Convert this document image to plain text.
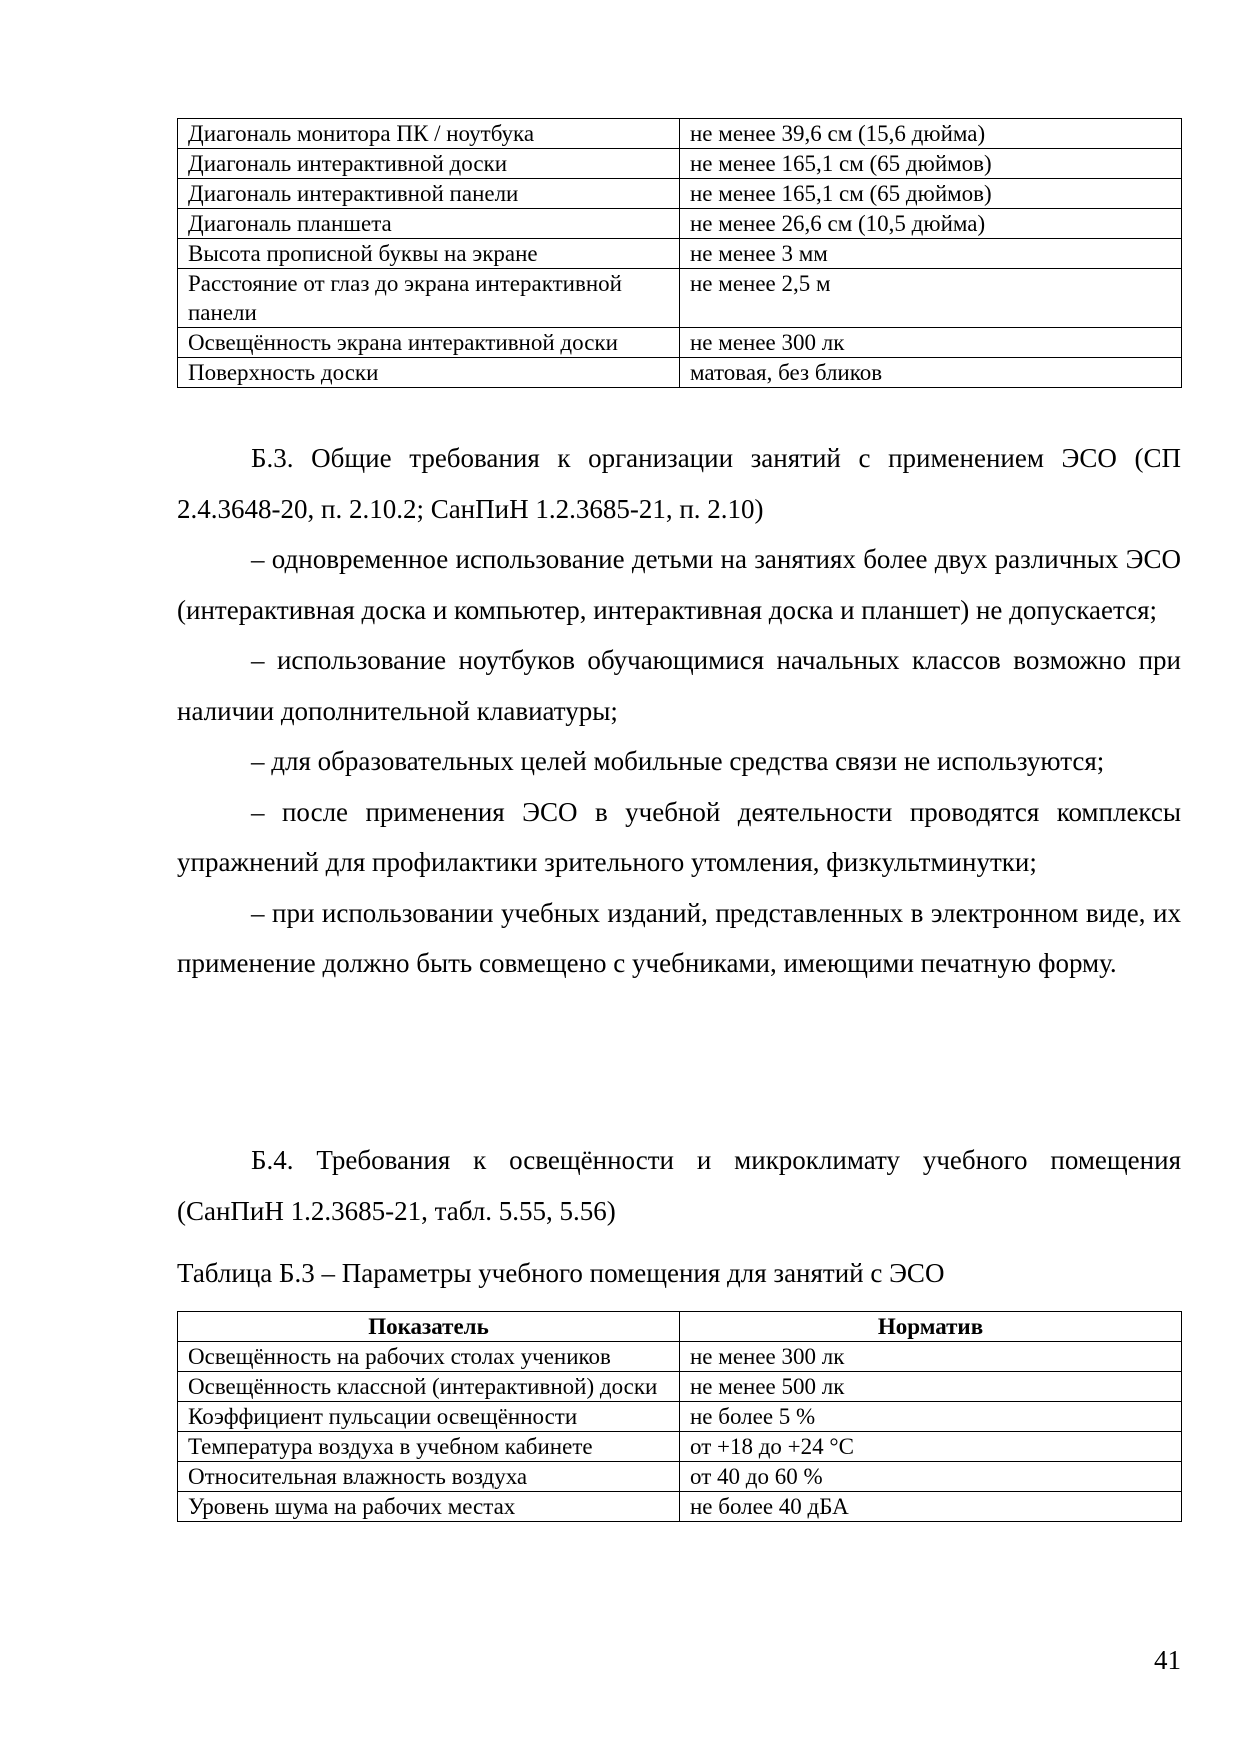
Диагональ монитора ПК / ноутбука	не менее 39,6 см (15,6 дюйма)
Диагональ интерактивной доски	не менее 165,1 см (65 дюймов)
Диагональ интерактивной панели	не менее 165,1 см (65 дюймов)
Диагональ планшета	не менее 26,6 см (10,5 дюйма)
Высота прописной буквы на экране	не менее 3 мм
Расстояние от глаз до экрана интерактивной панели	не менее 2,5 м
Освещённость экрана интерактивной доски	не менее 300 лк
Поверхность доски	матовая, без бликов

Б.3. Общие требования к организации занятий с применением ЭСО (СП 2.4.3648-20, п. 2.10.2; СанПиН 1.2.3685-21, п. 2.10)

– одновременное использование детьми на занятиях более двух различных ЭСО (интерактивная доска и компьютер, интерактивная доска и планшет) не допускается;

– использование ноутбуков обучающимися начальных классов возможно при наличии дополнительной клавиатуры;

– для образовательных целей мобильные средства связи не используются;

– после применения ЭСО в учебной деятельности проводятся комплексы упражнений для профилактики зрительного утомления, физкультминутки;

– при использовании учебных изданий, представленных в электронном виде, их применение должно быть совмещено с учебниками, имеющими печатную форму.

Б.4. Требования к освещённости и микроклимату учебного помещения (СанПиН 1.2.3685-21, табл. 5.55, 5.56)

Таблица Б.3 – Параметры учебного помещения для занятий с ЭСО

Показатель	Норматив
Освещённость на рабочих столах учеников	не менее 300 лк
Освещённость классной (интерактивной) доски	не менее 500 лк
Коэффициент пульсации освещённости	не более 5 %
Температура воздуха в учебном кабинете	от +18 до +24 °С
Относительная влажность воздуха	от 40 до 60 %
Уровень шума на рабочих местах	не более 40 дБА
41
